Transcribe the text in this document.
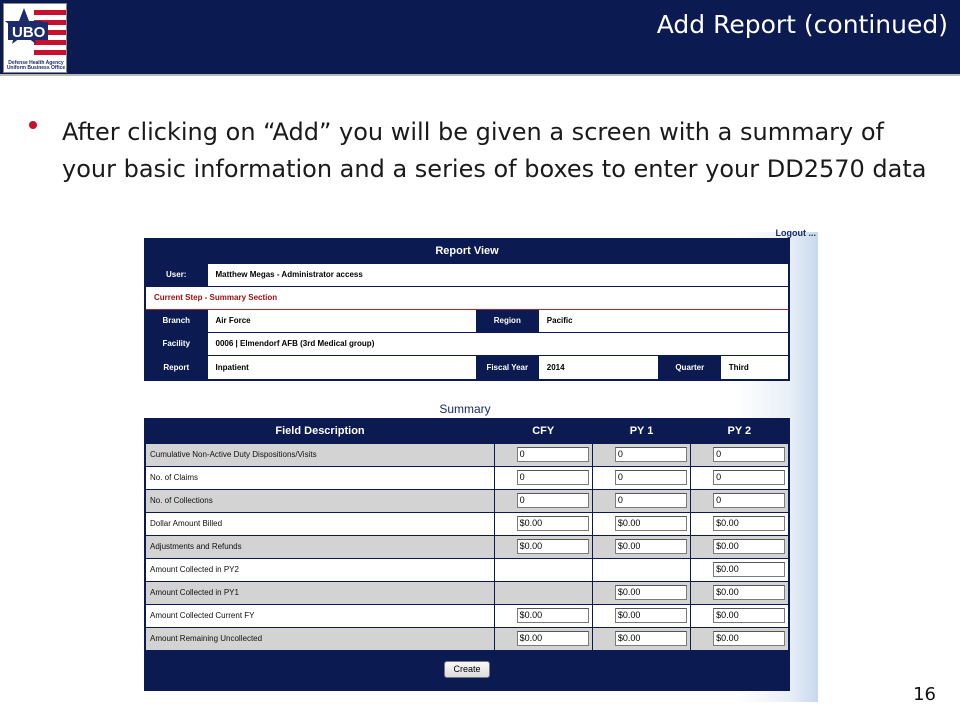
UBO
Defense Health Agency Uniform Business Office
Add Report (continued)
After clicking on “Add” you will be given a screen with a summary of your basic information and a series of boxes to enter your DD2570 data
Logout ...
Report View
User:	Matthew Megas - Administrator access
Current Step - Summary Section
Branch	Air Force	Region	Pacific
Facility	0006 | Elmendorf AFB (3rd Medical group)
Report	Inpatient	Fiscal Year	2014		Quarter	Third
Summary
Field Description	CFY	PY 1	PY 2
Cumulative Non-Active Duty Dispositions/Visits	0	0	0

No. of Claims	0	0	0

No. of Collections	0	0	0

Dollar Amount Billed	$0.00	$0.00	$0.00

Adjustments and Refunds	$0.00	$0.00	$0.00

Amount Collected in PY2			$0.00

Amount Collected in PY1		$0.00	$0.00

Amount Collected Current FY	$0.00	$0.00	$0.00

Amount Remaining Uncollected	$0.00	$0.00	$0.00

Create			
16
